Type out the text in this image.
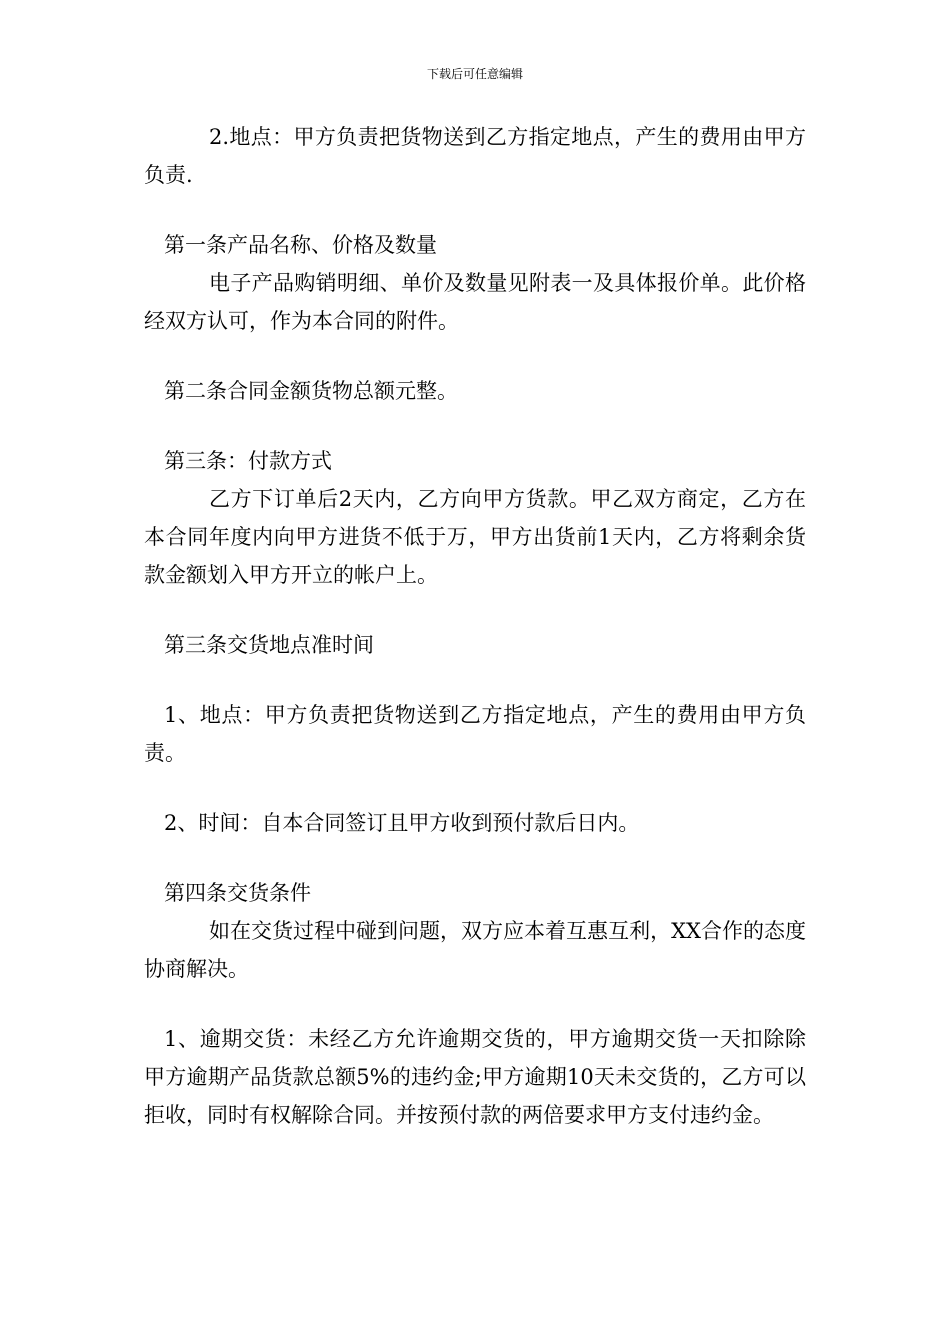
下载后可任意编辑

2.地点：甲方负责把货物送到乙方指定地点，产生的费用由甲方负责.

第一条产品名称、价格及数量

电子产品购销明细、单价及数量见附表一及具体报价单。此价格经双方认可，作为本合同的附件。

第二条合同金额货物总额元整。

第三条：付款方式

乙方下订单后2天内，乙方向甲方货款。甲乙双方商定，乙方在本合同年度内向甲方进货不低于万，甲方出货前1天内，乙方将剩余货款金额划入甲方开立的帐户上。

第三条交货地点准时间

1、地点：甲方负责把货物送到乙方指定地点，产生的费用由甲方负责。

2、时间：自本合同签订且甲方收到预付款后日内。

第四条交货条件

如在交货过程中碰到问题，双方应本着互惠互利，XX合作的态度协商解决。

1、逾期交货：未经乙方允许逾期交货的，甲方逾期交货一天扣除除甲方逾期产品货款总额5%的违约金;甲方逾期10天未交货的，乙方可以拒收，同时有权解除合同。并按预付款的两倍要求甲方支付违约金。
